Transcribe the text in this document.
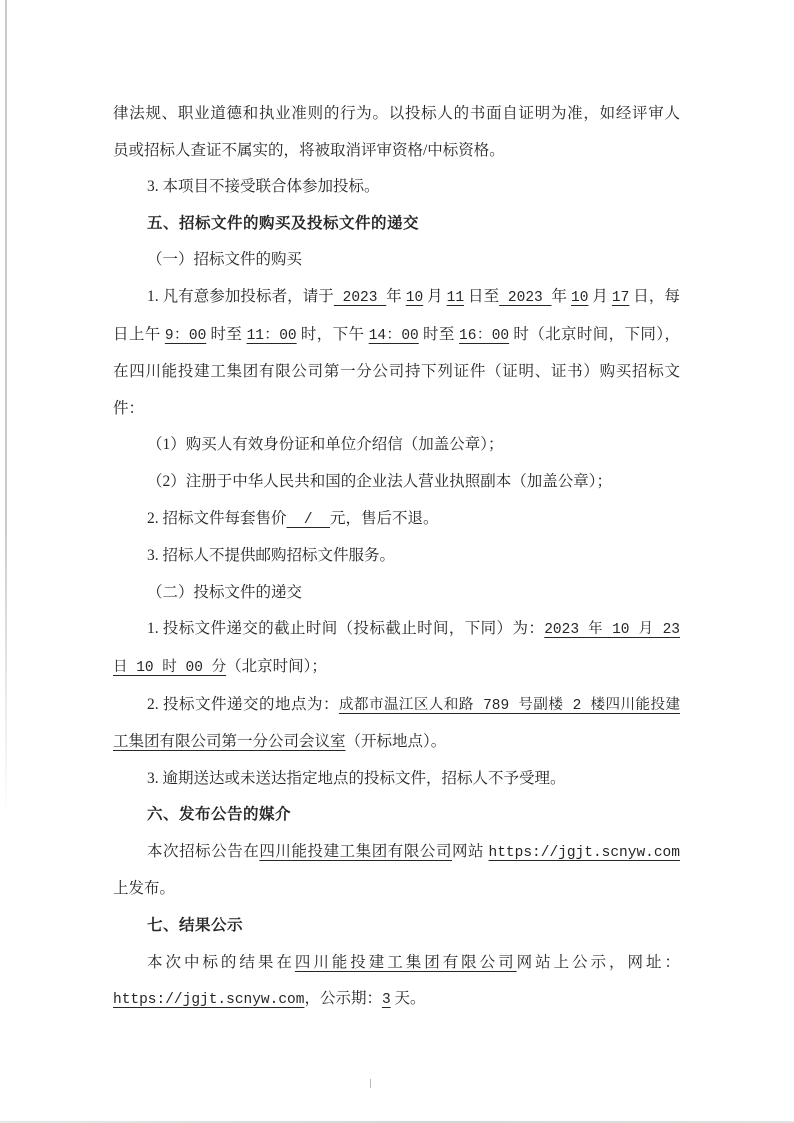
律法规、职业道德和执业准则的行为。以投标人的书面自证明为准，如经评审人
员或招标人查证不属实的，将被取消评审资格/中标资格。
3. 本项目不接受联合体参加投标。
五、招标文件的购买及投标文件的递交
（一）招标文件的购买
1. 凡有意参加投标者，请于 2023 年 10 月 11 日至 2023 年 10 月 17 日，每
日上午 9：00 时至 11：00 时，下午 14：00 时至 16：00 时（北京时间，下同），
在四川能投建工集团有限公司第一分公司持下列证件（证明、证书）购买招标文
件：
（1）购买人有效身份证和单位介绍信（加盖公章）；
（2）注册于中华人民共和国的企业法人营业执照副本（加盖公章）；
2. 招标文件每套售价  /  元，售后不退。
3. 招标人不提供邮购招标文件服务。
（二）投标文件的递交
1. 投标文件递交的截止时间（投标截止时间，下同）为：2023 年 10 月 23
日 10 时 00 分（北京时间）；
2. 投标文件递交的地点为：成都市温江区人和路 789 号副楼 2 楼四川能投建
工集团有限公司第一分公司会议室（开标地点）。
3. 逾期送达或未送达指定地点的投标文件，招标人不予受理。
六、发布公告的媒介
本次招标公告在四川能投建工集团有限公司网站 https://jgjt.scnyw.com
上发布。
七、结果公示
本次中标的结果在四川能投建工集团有限公司网站上公示，网址：
https://jgjt.scnyw.com，公示期：3 天。
